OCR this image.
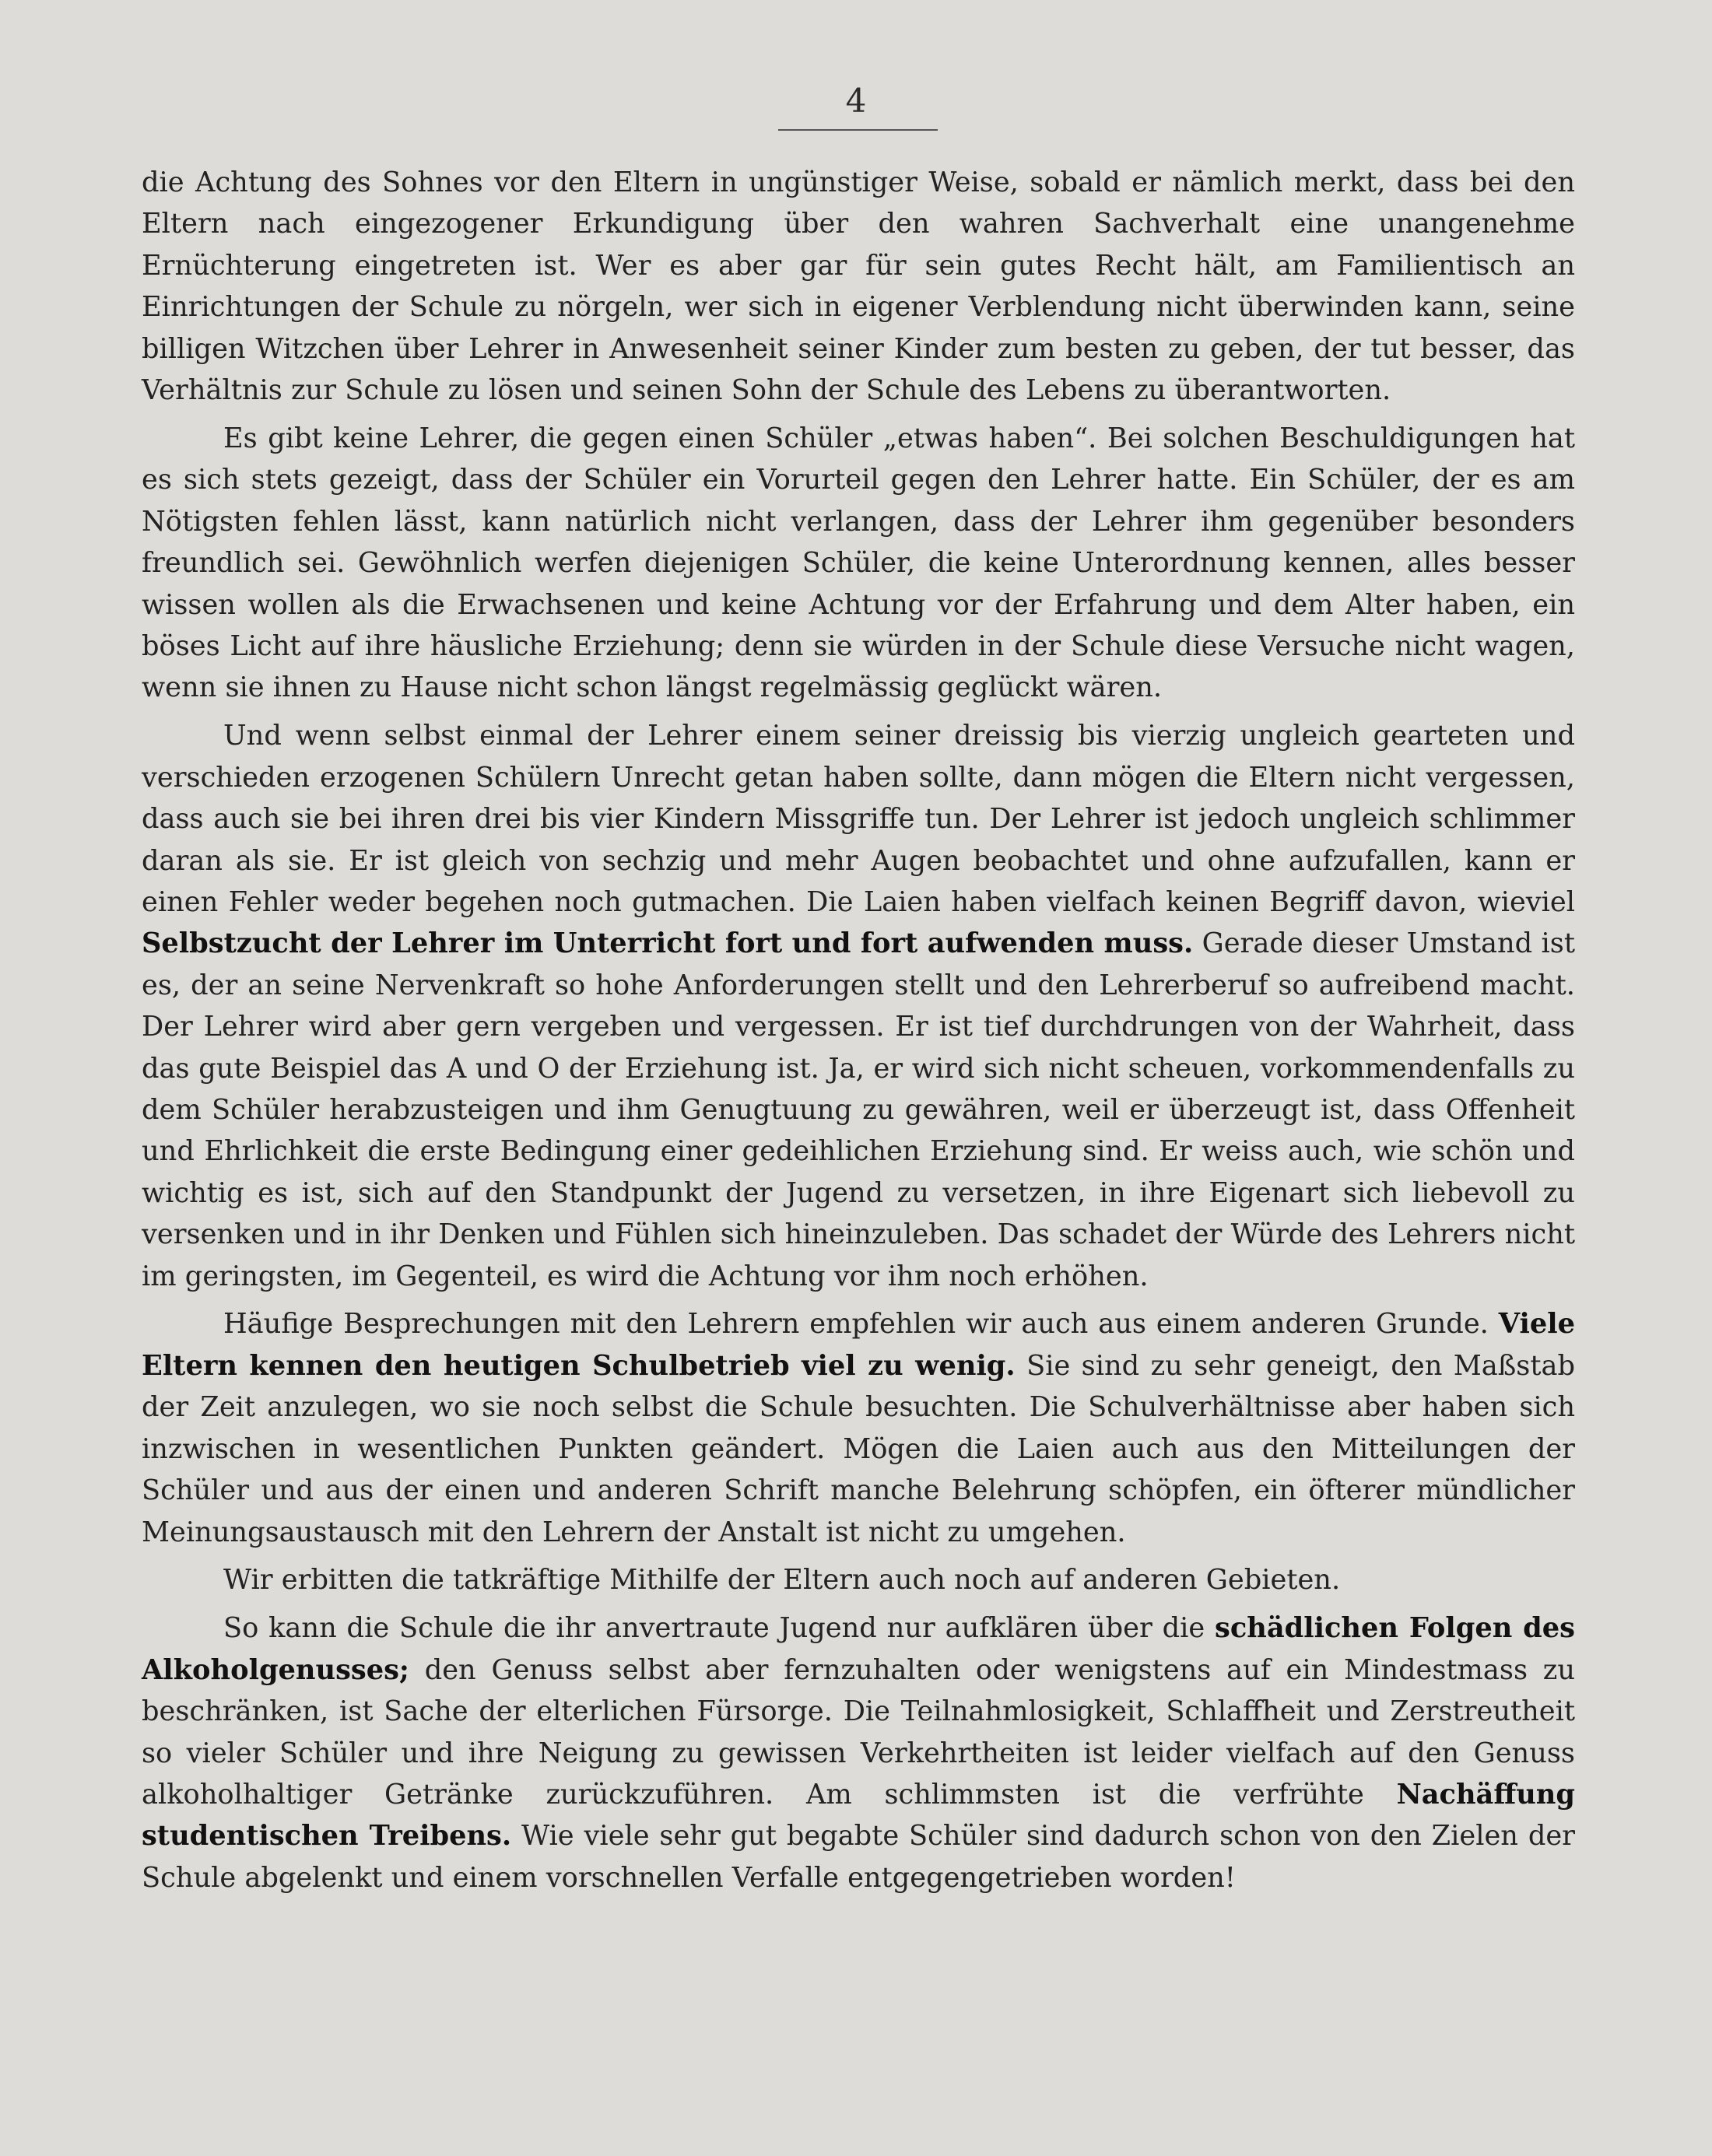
4

die Achtung des Sohnes vor den Eltern in ungünstiger Weise, sobald er nämlich merkt, dass bei den Eltern nach eingezogener Erkundigung über den wahren Sachverhalt eine unangenehme Ernüchterung eingetreten ist. Wer es aber gar für sein gutes Recht hält, am Familientisch an Einrichtungen der Schule zu nörgeln, wer sich in eigener Verblendung nicht überwinden kann, seine billigen Witzchen über Lehrer in Anwesenheit seiner Kinder zum besten zu geben, der tut besser, das Verhältnis zur Schule zu lösen und seinen Sohn der Schule des Lebens zu überantworten.

Es gibt keine Lehrer, die gegen einen Schüler „etwas haben“. Bei solchen Beschuldigungen hat es sich stets gezeigt, dass der Schüler ein Vorurteil gegen den Lehrer hatte. Ein Schüler, der es am Nötigsten fehlen lässt, kann natürlich nicht verlangen, dass der Lehrer ihm gegenüber besonders freundlich sei. Gewöhnlich werfen diejenigen Schüler, die keine Unterordnung kennen, alles besser wissen wollen als die Erwachsenen und keine Achtung vor der Erfahrung und dem Alter haben, ein böses Licht auf ihre häusliche Erziehung; denn sie würden in der Schule diese Versuche nicht wagen, wenn sie ihnen zu Hause nicht schon längst regelmässig geglückt wären.

Und wenn selbst einmal der Lehrer einem seiner dreissig bis vierzig ungleich gearteten und verschieden erzogenen Schülern Unrecht getan haben sollte, dann mögen die Eltern nicht vergessen, dass auch sie bei ihren drei bis vier Kindern Missgriffe tun. Der Lehrer ist jedoch ungleich schlimmer daran als sie. Er ist gleich von sechzig und mehr Augen beobachtet und ohne aufzufallen, kann er einen Fehler weder begehen noch gutmachen. Die Laien haben vielfach keinen Begriff davon, wieviel Selbstzucht der Lehrer im Unterricht fort und fort aufwenden muss. Gerade dieser Umstand ist es, der an seine Nervenkraft so hohe Anforderungen stellt und den Lehrerberuf so aufreibend macht. Der Lehrer wird aber gern vergeben und vergessen. Er ist tief durchdrungen von der Wahrheit, dass das gute Beispiel das A und O der Erziehung ist. Ja, er wird sich nicht scheuen, vorkommendenfalls zu dem Schüler herabzusteigen und ihm Genugtuung zu gewähren, weil er überzeugt ist, dass Offenheit und Ehrlichkeit die erste Bedingung einer gedeihlichen Erziehung sind. Er weiss auch, wie schön und wichtig es ist, sich auf den Standpunkt der Jugend zu versetzen, in ihre Eigenart sich liebevoll zu versenken und in ihr Denken und Fühlen sich hineinzuleben. Das schadet der Würde des Lehrers nicht im geringsten, im Gegenteil, es wird die Achtung vor ihm noch erhöhen.

Häufige Besprechungen mit den Lehrern empfehlen wir auch aus einem anderen Grunde. Viele Eltern kennen den heutigen Schulbetrieb viel zu wenig. Sie sind zu sehr geneigt, den Maßstab der Zeit anzulegen, wo sie noch selbst die Schule besuchten. Die Schulverhältnisse aber haben sich inzwischen in wesentlichen Punkten geändert. Mögen die Laien auch aus den Mitteilungen der Schüler und aus der einen und anderen Schrift manche Belehrung schöpfen, ein öfterer mündlicher Meinungsaustausch mit den Lehrern der Anstalt ist nicht zu umgehen.

Wir erbitten die tatkräftige Mithilfe der Eltern auch noch auf anderen Gebieten.

So kann die Schule die ihr anvertraute Jugend nur aufklären über die schädlichen Folgen des Alkoholgenusses; den Genuss selbst aber fernzuhalten oder wenigstens auf ein Mindestmass zu beschränken, ist Sache der elterlichen Fürsorge. Die Teilnahmlosigkeit, Schlaffheit und Zerstreutheit so vieler Schüler und ihre Neigung zu gewissen Verkehrtheiten ist leider vielfach auf den Genuss alkoholhaltiger Getränke zurückzuführen. Am schlimmsten ist die verfrühte Nachäffung studentischen Treibens. Wie viele sehr gut begabte Schüler sind dadurch schon von den Zielen der Schule abgelenkt und einem vorschnellen Verfalle entgegengetrieben worden!
